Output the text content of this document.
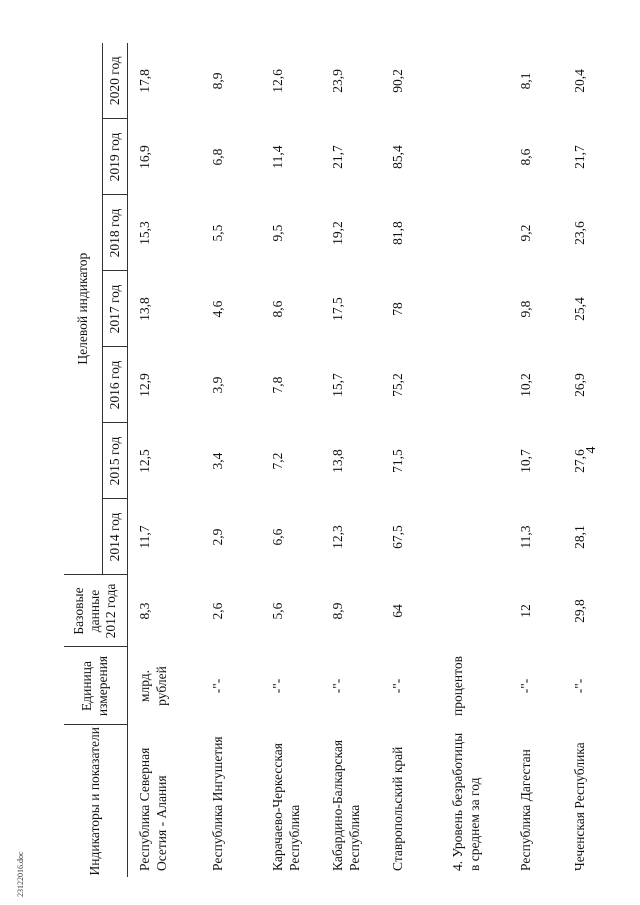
23122016.doc
4
Индикаторы и показатели	Единица измерения	Базовые данные 2012 года	Целевой индикатор						
			2014 год	2015 год	2016 год	2017 год	2018 год	2019 год	2020 год
Республика Северная Осетия - Алания	млрд. рублей	8,3	11,7	12,5	12,9	13,8	15,3	16,9	17,8
Республика Ингушетия	-"-	2,6	2,9	3,4	3,9	4,6	5,5	6,8	8,9
Карачаево-Черкесская Республика	-"-	5,6	6,6	7,2	7,8	8,6	9,5	11,4	12,6
Кабардино-Балкарская Республика	-"-	8,9	12,3	13,8	15,7	17,5	19,2	21,7	23,9
Ставропольский край	-"-	64	67,5	71,5	75,2	78	81,8	85,4	90,2
4. Уровень безработицы в среднем за год	процентов								
Республика Дагестан	-"-	12	11,3	10,7	10,2	9,8	9,2	8,6	8,1
Чеченская Республика	-"-	29,8	28,1	27,6	26,9	25,4	23,6	21,7	20,4
